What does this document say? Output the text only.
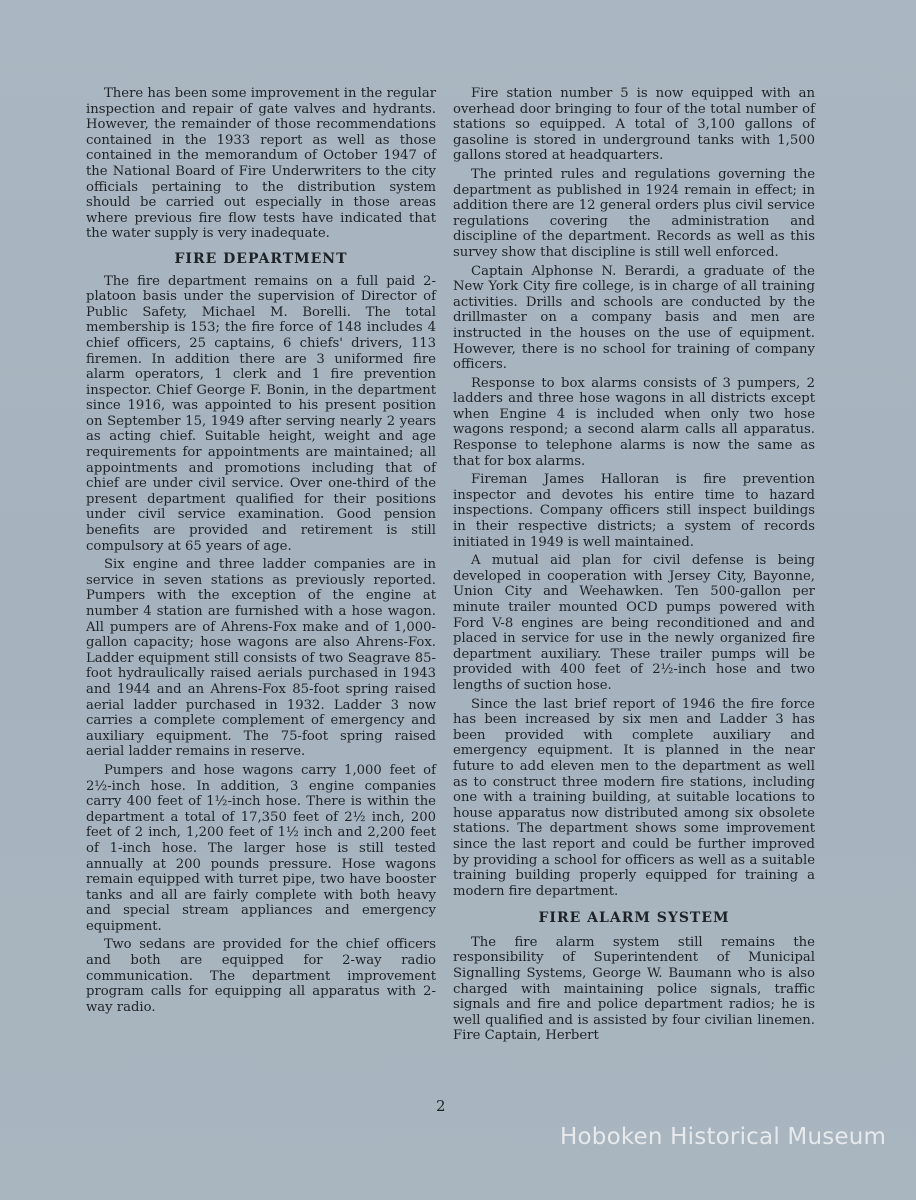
There has been some improvement in the regular inspection and repair of gate valves and hydrants. However, the remainder of those recommendations contained in the 1933 report as well as those contained in the memorandum of October 1947 of the National Board of Fire Underwriters to the city officials pertaining to the distribution system should be carried out especially in those areas where previous fire flow tests have indicated that the water supply is very inadequate.

FIRE DEPARTMENT

The fire department remains on a full paid 2-platoon basis under the supervision of Director of Public Safety, Michael M. Borelli. The total membership is 153; the fire force of 148 includes 4 chief officers, 25 captains, 6 chiefs' drivers, 113 firemen. In addition there are 3 uniformed fire alarm operators, 1 clerk and 1 fire prevention inspector. Chief George F. Bonin, in the department since 1916, was appointed to his present position on September 15, 1949 after serving nearly 2 years as acting chief. Suitable height, weight and age requirements for appointments are maintained; all appointments and promotions including that of chief are under civil service. Over one-third of the present department qualified for their positions under civil service examination. Good pension benefits are provided and retirement is still compulsory at 65 years of age.

Six engine and three ladder companies are in service in seven stations as previously reported. Pumpers with the exception of the engine at number 4 station are furnished with a hose wagon. All pumpers are of Ahrens-Fox make and of 1,000-gallon capacity; hose wagons are also Ahrens-Fox. Ladder equipment still consists of two Seagrave 85-foot hydraulically raised aerials purchased in 1943 and 1944 and an Ahrens-Fox 85-foot spring raised aerial ladder purchased in 1932. Ladder 3 now carries a complete complement of emergency and auxiliary equipment. The 75-foot spring raised aerial ladder remains in reserve.

Pumpers and hose wagons carry 1,000 feet of 2½-inch hose. In addition, 3 engine companies carry 400 feet of 1½-inch hose. There is within the department a total of 17,350 feet of 2½ inch, 200 feet of 2 inch, 1,200 feet of 1½ inch and 2,200 feet of 1-inch hose. The larger hose is still tested annually at 200 pounds pressure. Hose wagons remain equipped with turret pipe, two have booster tanks and all are fairly complete with both heavy and special stream appliances and emergency equipment.

Two sedans are provided for the chief officers and both are equipped for 2-way radio communication. The department improvement program calls for equipping all apparatus with 2-way radio.

Fire station number 5 is now equipped with an overhead door bringing to four of the total number of stations so equipped. A total of 3,100 gallons of gasoline is stored in underground tanks with 1,500 gallons stored at headquarters.

The printed rules and regulations governing the department as published in 1924 remain in effect; in addition there are 12 general orders plus civil service regulations covering the administration and discipline of the department. Records as well as this survey show that discipline is still well enforced.

Captain Alphonse N. Berardi, a graduate of the New York City fire college, is in charge of all training activities. Drills and schools are conducted by the drillmaster on a company basis and men are instructed in the houses on the use of equipment. However, there is no school for training of company officers.

Response to box alarms consists of 3 pumpers, 2 ladders and three hose wagons in all districts except when Engine 4 is included when only two hose wagons respond; a second alarm calls all apparatus. Response to telephone alarms is now the same as that for box alarms.

Fireman James Halloran is fire prevention inspector and devotes his entire time to hazard inspections. Company officers still inspect buildings in their respective districts; a system of records initiated in 1949 is well maintained.

A mutual aid plan for civil defense is being developed in cooperation with Jersey City, Bayonne, Union City and Weehawken. Ten 500-gallon per minute trailer mounted OCD pumps powered with Ford V-8 engines are being reconditioned and and placed in service for use in the newly organized fire department auxiliary. These trailer pumps will be provided with 400 feet of 2½-inch hose and two lengths of suction hose.

Since the last brief report of 1946 the fire force has been increased by six men and Ladder 3 has been provided with complete auxiliary and emergency equipment. It is planned in the near future to add eleven men to the department as well as to construct three modern fire stations, including one with a training building, at suitable locations to house apparatus now distributed among six obsolete stations. The department shows some improvement since the last report and could be further improved by providing a school for officers as well as a suitable training building properly equipped for training a modern fire department.

FIRE ALARM SYSTEM

The fire alarm system still remains the responsibility of Superintendent of Municipal Signalling Systems, George W. Baumann who is also charged with maintaining police signals, traffic signals and fire and police department radios; he is well qualified and is assisted by four civilian linemen. Fire Captain, Herbert

2
Hoboken Historical Museum
